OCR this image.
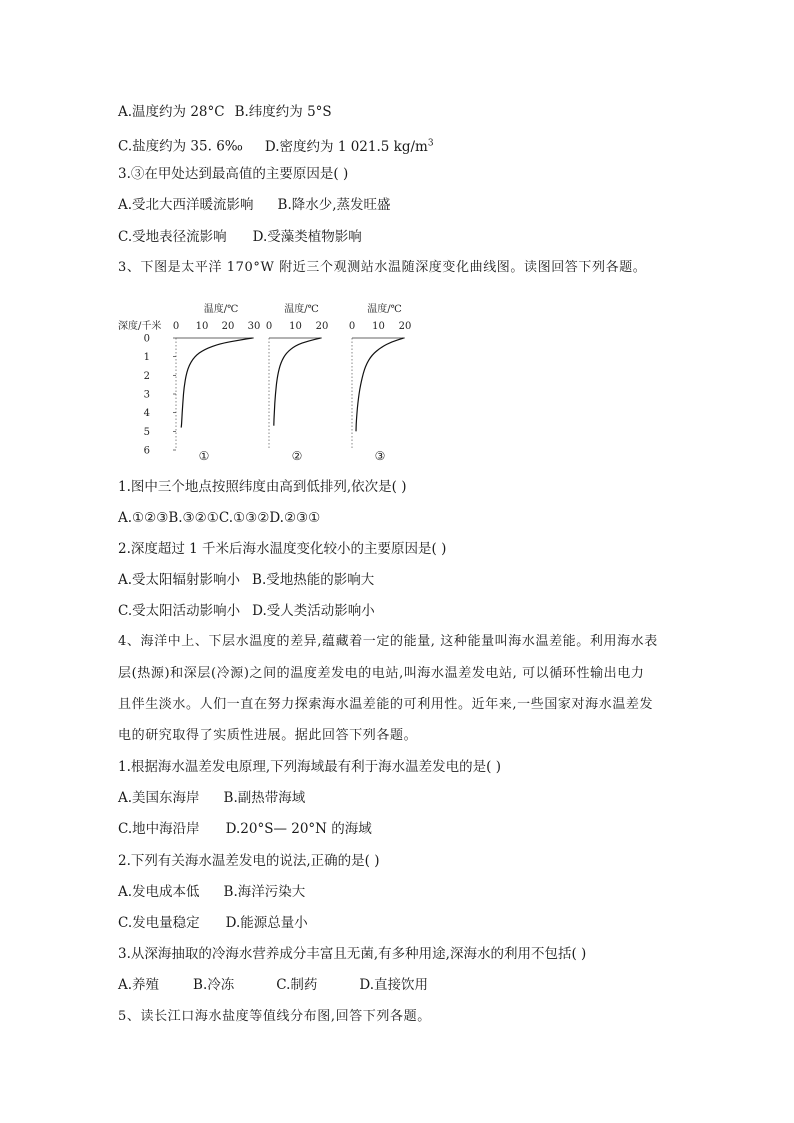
A.温度约为 28°C B.纬度约为 5°S
C.盐度约为 35. 6‰ D.密度约为 1 021.5 $kg/m^3$
3.③在甲处达到最高值的主要原因是( )
A.受北大西洋暖流影响 B.降水少,蒸发旺盛
C.受地表径流影响 D.受藻类植物影响
3、下图是太平洋 170°W 附近三个观测站水温随深度变化曲线图。读图回答下列各题。
深度/千米
0
1
2
3
4
5
6
温度/℃
0 10 20 30
①
温度/℃
0 10 20
②
温度/℃
0 10 20
③
1.图中三个地点按照纬度由高到低排列,依次是( )
A.①②③B.③②①C.①③②D.②③①
2.深度超过 1 千米后海水温度变化较小的主要原因是( )
A.受太阳辐射影响小 B.受地热能的影响大
C.受太阳活动影响小 D.受人类活动影响小
4、海洋中上、下层水温度的差异,蕴藏着一定的能量, 这种能量叫海水温差能。利用海水表
层(热源)和深层(冷源)之间的温度差发电的电站,叫海水温差发电站, 可以循环性输出电力
且伴生淡水。人们一直在努力探索海水温差能的可利用性。近年来,一些国家对海水温差发
电的研究取得了实质性进展。据此回答下列各题。
1.根据海水温差发电原理,下列海域最有利于海水温差发电的是( )
A.美国东海岸 B.副热带海域
C.地中海沿岸 D.20°S— 20°N 的海域
2.下列有关海水温差发电的说法,正确的是( )
A.发电成本低 B.海洋污染大
C.发电量稳定 D.能源总量小
3.从深海抽取的冷海水营养成分丰富且无菌,有多种用途,深海水的利用不包括( )
A.养殖	B.冷冻	C.制药	D.直接饮用
5、读长江口海水盐度等值线分布图,回答下列各题。
